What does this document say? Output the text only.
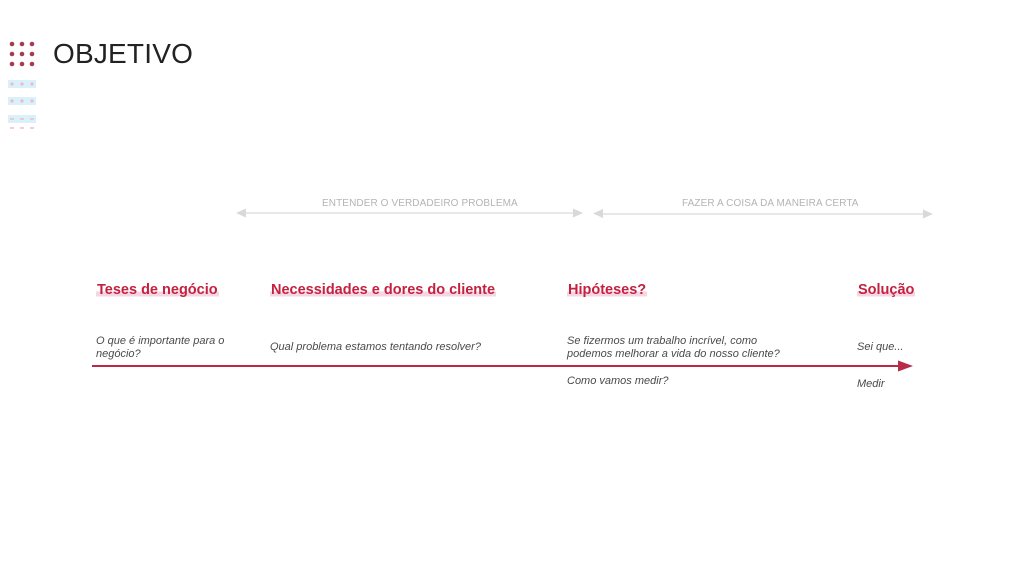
OBJETIVO
ENTENDER O VERDADEIRO PROBLEMA	FAZER A COISA DA MANEIRA CERTA
Teses de negócio
O que é importante para o negócio?
Necessidades e dores do cliente
Qual problema estamos tentando resolver?
Hipóteses?
Se fizermos um trabalho incrível, como podemos melhorar a vida do nosso cliente?
Como vamos medir?
Solução
Sei que...
Medir
